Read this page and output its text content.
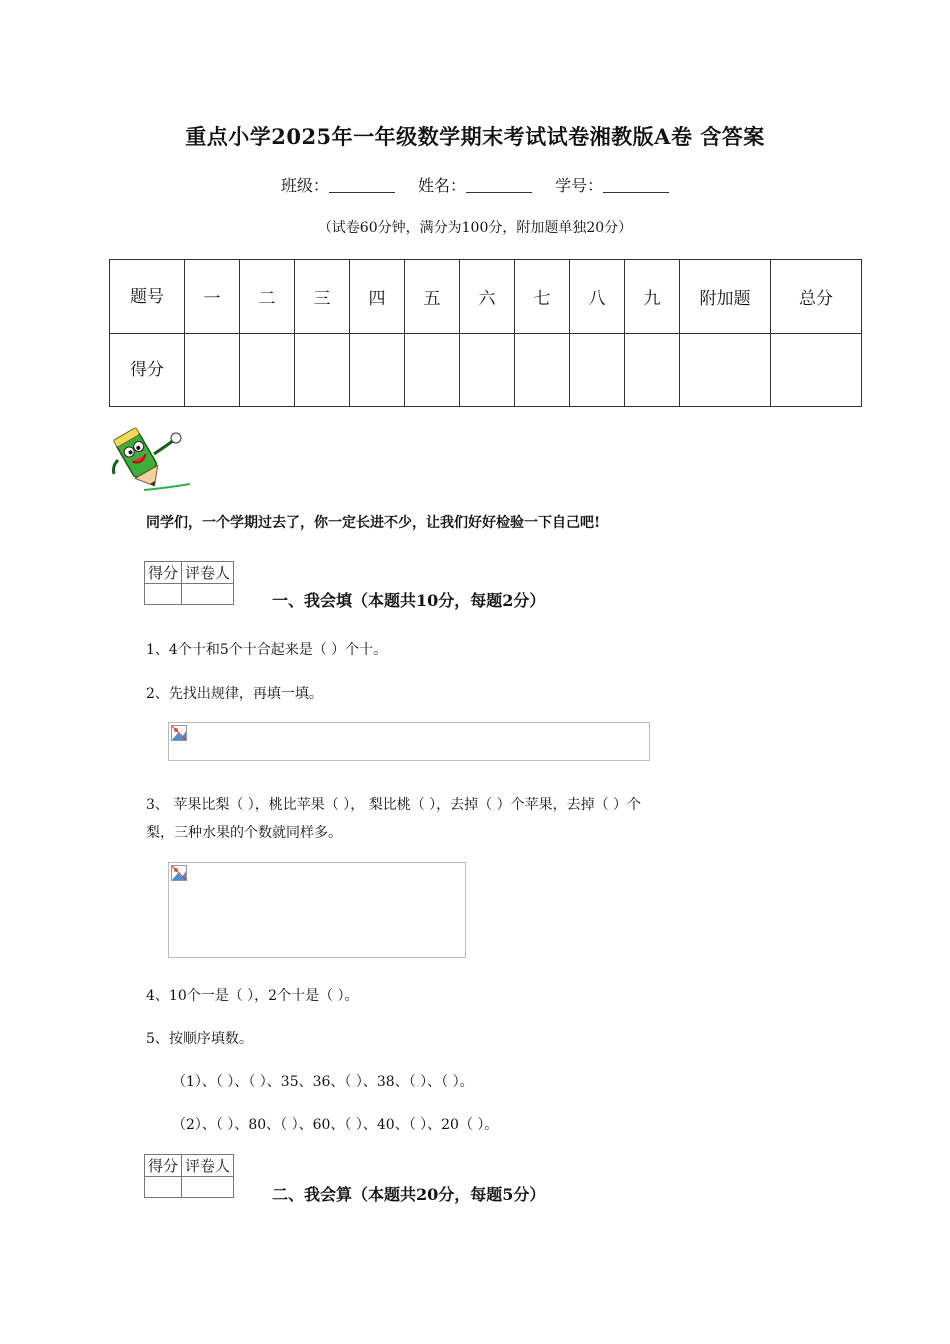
重点小学2025年一年级数学期末考试试卷湘教版A卷 含答案
班级：	姓名：	学号：
（试卷60分钟，满分为100分，附加题单独20分）
题号	一	二	三	四	五	六	七	八	九	附加题	总分
得分											
同学们，一个学期过去了，你一定长进不少，让我们好好检验一下自己吧!
得分	评卷人

一、我会填（本题共10分，每题2分）
1、4个十和5个十合起来是（ ）个十。
2、先找出规律，再填一填。
3、 苹果比梨（ ），桃比苹果（ ）， 梨比桃（ ），去掉（ ）个苹果，去掉（ ）个
梨，三种水果的个数就同样多。
4、10个一是（ ），2个十是（ ）。
5、按顺序填数。
（1）、（ ）、（ ）、35、36、（ ）、38、（ ）、（ ）。
（2）、（ ）、80、（ ）、60、（ ）、40、（ ）、20（ ）。
得分	评卷人

二、我会算（本题共20分，每题5分）
